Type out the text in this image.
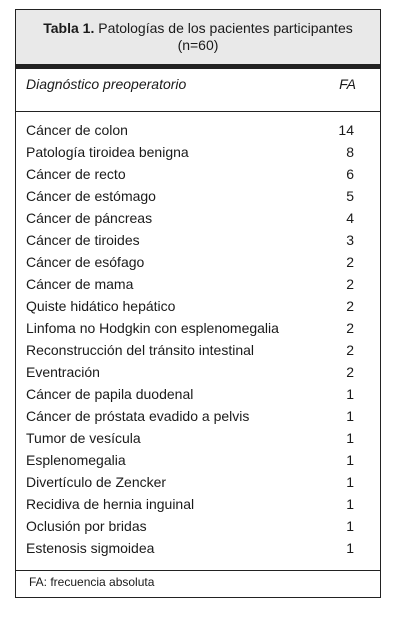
Tabla 1. Patologías de los pacientes participantes
(n=60)
Diagnóstico preoperatorio	FA
Cáncer de colon	14
Patología tiroidea benigna	8
Cáncer de recto	6
Cáncer de estómago	5
Cáncer de páncreas	4
Cáncer de tiroides	3
Cáncer de esófago	2
Cáncer de mama	2
Quiste hidático hepático	2
Linfoma no Hodgkin con esplenomegalia	2
Reconstrucción del tránsito intestinal	2
Eventración	2
Cáncer de papila duodenal	1
Cáncer de próstata evadido a pelvis	1
Tumor de vesícula	1
Esplenomegalia	1
Divertículo de Zencker	1
Recidiva de hernia inguinal	1
Oclusión por bridas	1
Estenosis sigmoidea	1
FA: frecuencia absoluta
